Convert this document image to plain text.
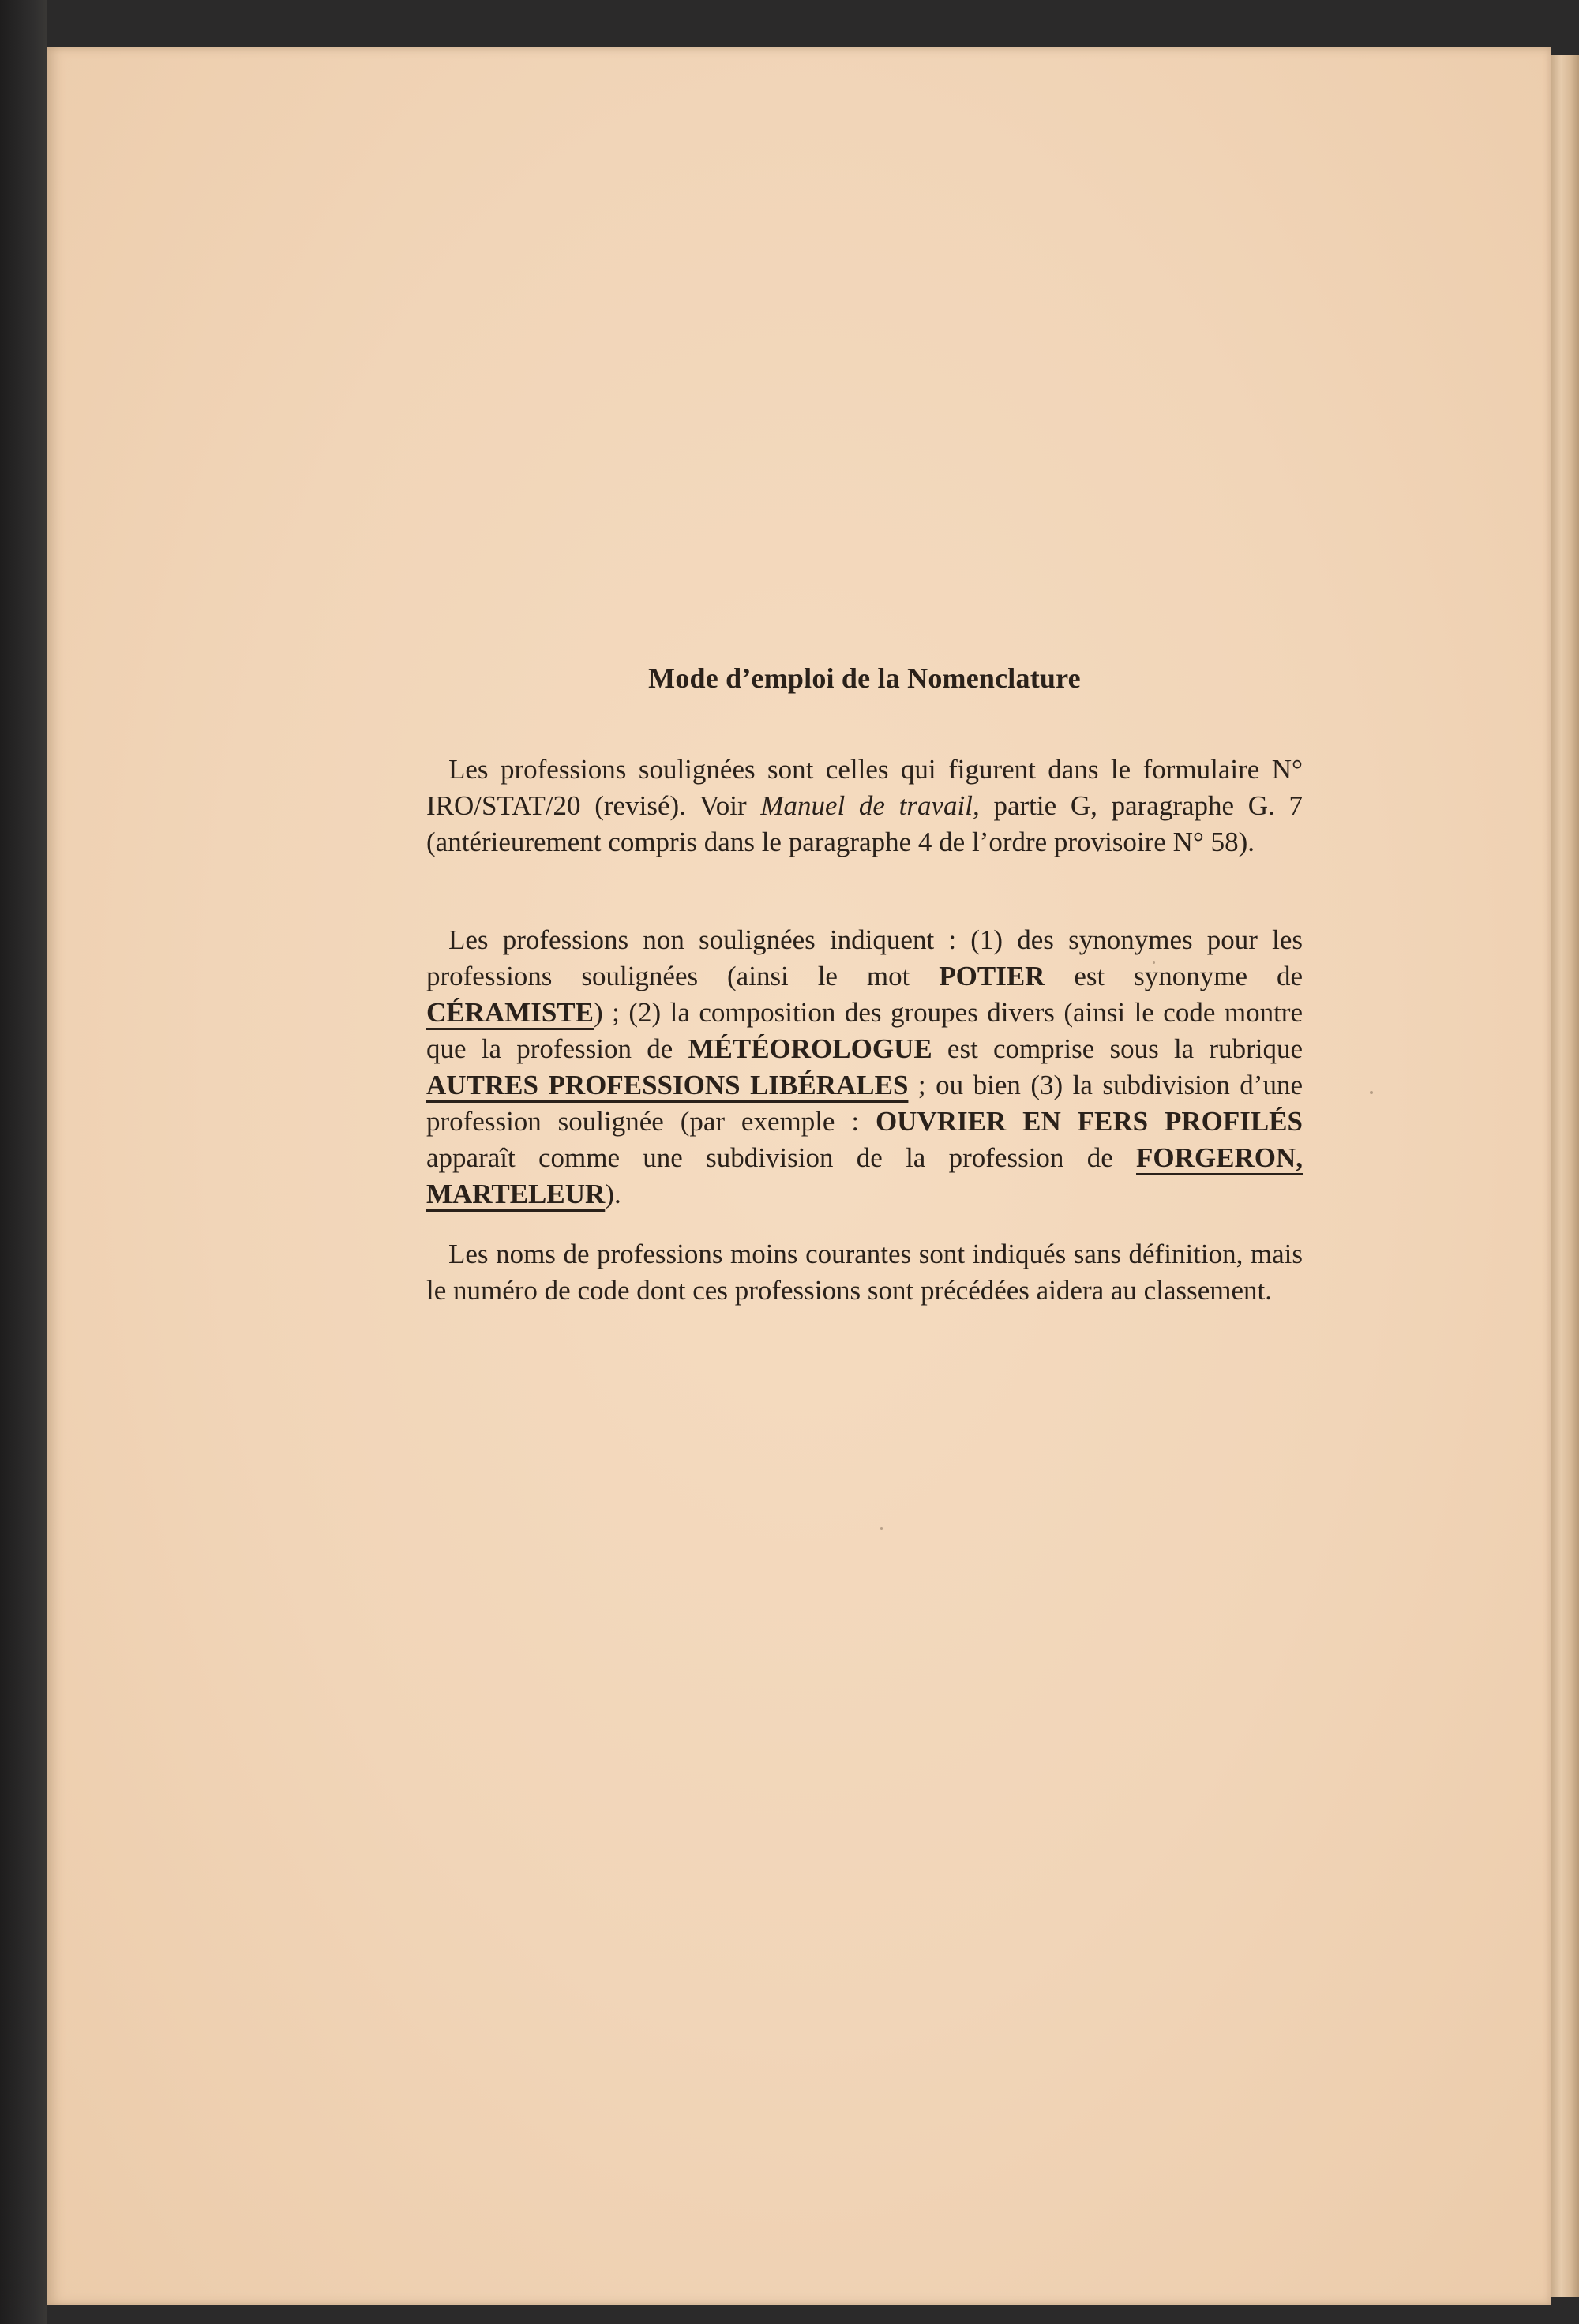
Mode d’emploi de la Nomenclature

Les professions soulignées sont celles qui figurent dans le formulaire N° IRO/STAT/20 (revisé). Voir Manuel de travail, partie G, paragraphe G. 7 (antérieurement compris dans le paragraphe 4 de l’ordre provisoire N° 58).

Les professions non soulignées indiquent : (1) des synonymes pour les professions soulignées (ainsi le mot POTIER est synonyme de CÉRAMISTE) ; (2) la composition des groupes divers (ainsi le code montre que la profession de MÉTÉOROLOGUE est comprise sous la rubrique AUTRES PROFESSIONS LIBÉRALES ; ou bien (3) la subdivision d’une profession soulignée (par exemple : OUVRIER EN FERS PROFILÉS apparaît comme une subdivision de la profession de FORGERON, MARTELEUR).

Les noms de professions moins courantes sont indiqués sans définition, mais le numéro de code dont ces professions sont précédées aidera au classement.
